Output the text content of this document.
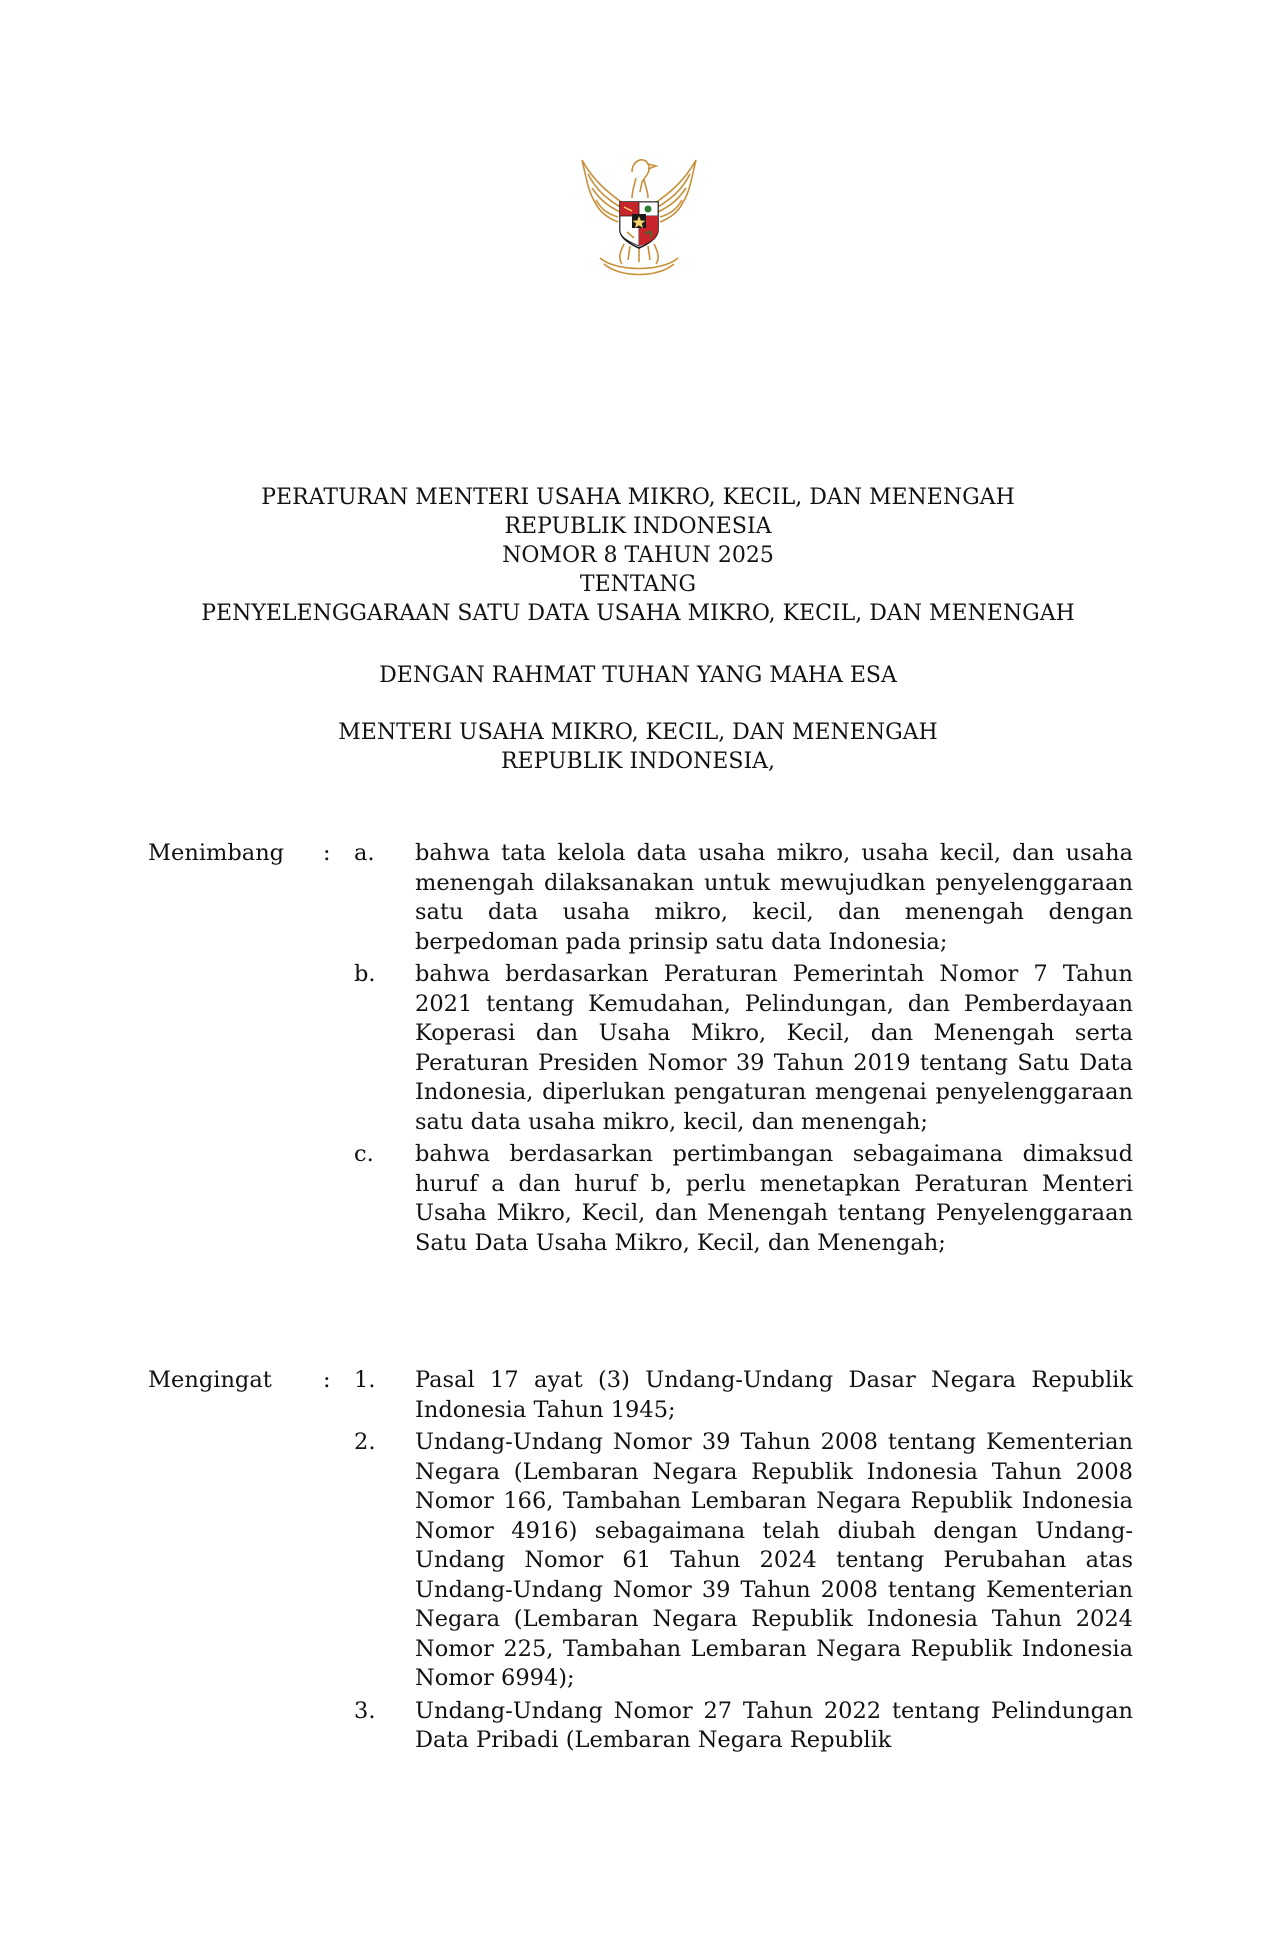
PERATURAN MENTERI USAHA MIKRO, KECIL, DAN MENENGAH
REPUBLIK INDONESIA
NOMOR 8 TAHUN 2025
TENTANG
PENYELENGGARAAN SATU DATA USAHA MIKRO, KECIL, DAN MENENGAH
DENGAN RAHMAT TUHAN YANG MAHA ESA
MENTERI USAHA MIKRO, KECIL, DAN MENENGAH
REPUBLIK INDONESIA,
Menimbang : a.	bahwa tata kelola data usaha mikro, usaha kecil, dan usaha menengah dilaksanakan untuk mewujudkan penyelenggaraan satu data usaha mikro, kecil, dan menengah dengan berpedoman pada prinsip satu data Indonesia;
b.	bahwa berdasarkan Peraturan Pemerintah Nomor 7 Tahun 2021 tentang Kemudahan, Pelindungan, dan Pemberdayaan Koperasi dan Usaha Mikro, Kecil, dan Menengah serta Peraturan Presiden Nomor 39 Tahun 2019 tentang Satu Data Indonesia, diperlukan pengaturan mengenai penyelenggaraan satu data usaha mikro, kecil, dan menengah;
c.	bahwa berdasarkan pertimbangan sebagaimana dimaksud huruf a dan huruf b, perlu menetapkan Peraturan Menteri Usaha Mikro, Kecil, dan Menengah tentang Penyelenggaraan Satu Data Usaha Mikro, Kecil, dan Menengah;
Mengingat : 1.	Pasal 17 ayat (3) Undang-Undang Dasar Negara Republik Indonesia Tahun 1945;
2.	Undang-Undang Nomor 39 Tahun 2008 tentang Kementerian Negara (Lembaran Negara Republik Indonesia Tahun 2008 Nomor 166, Tambahan Lembaran Negara Republik Indonesia Nomor 4916) sebagaimana telah diubah dengan Undang-Undang Nomor 61 Tahun 2024 tentang Perubahan atas Undang-Undang Nomor 39 Tahun 2008 tentang Kementerian Negara (Lembaran Negara Republik Indonesia Tahun 2024 Nomor 225, Tambahan Lembaran Negara Republik Indonesia Nomor 6994);
3.	Undang-Undang Nomor 27 Tahun 2022 tentang Pelindungan Data Pribadi (Lembaran Negara Republik
